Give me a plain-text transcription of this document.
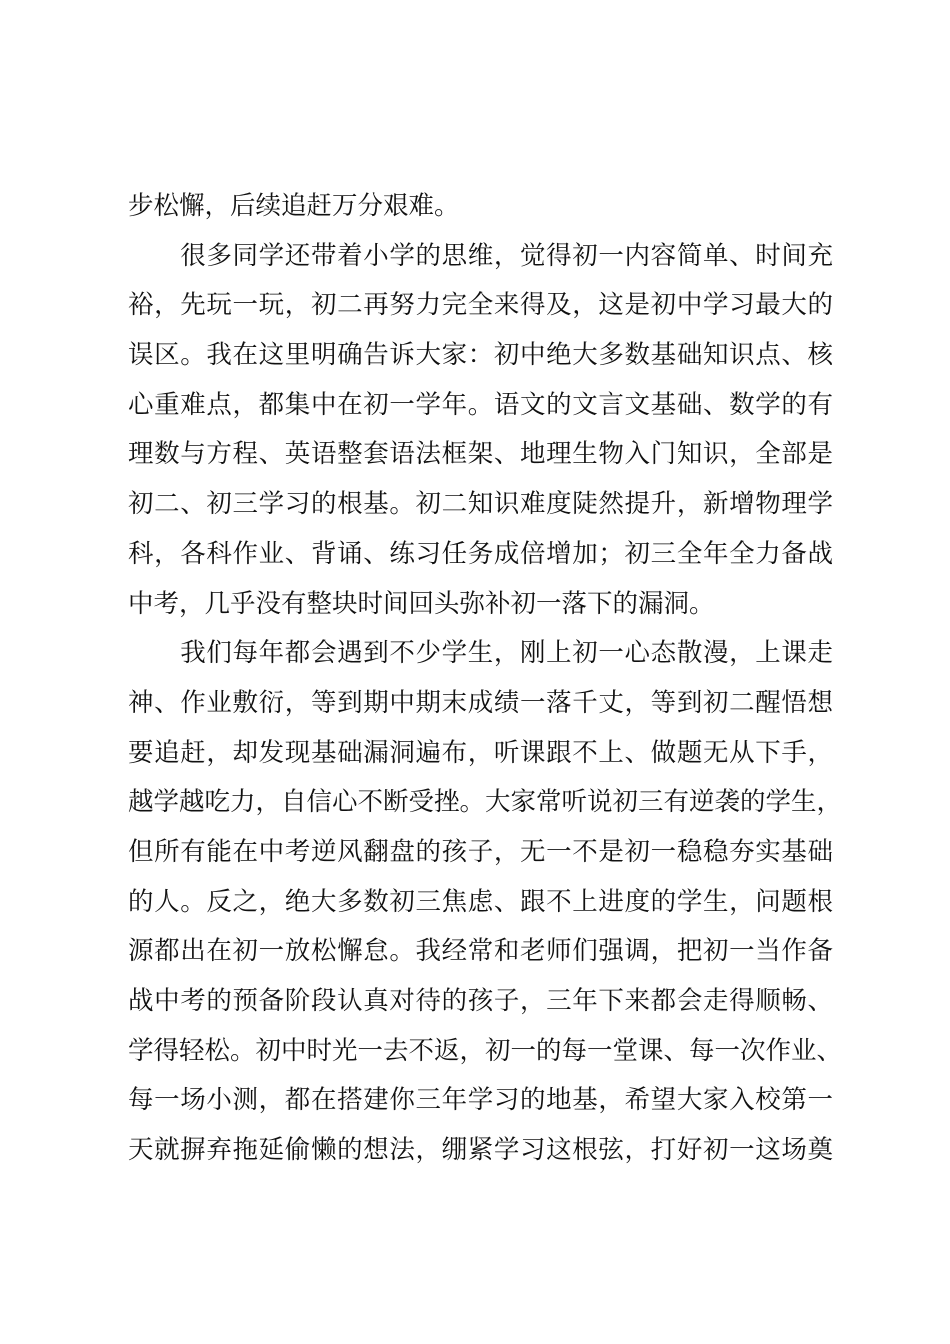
步松懈，后续追赶万分艰难。
　　很多同学还带着小学的思维，觉得初一内容简单、时间充
裕，先玩一玩，初二再努力完全来得及，这是初中学习最大的
误区。我在这里明确告诉大家：初中绝大多数基础知识点、核
心重难点，都集中在初一学年。语文的文言文基础、数学的有
理数与方程、英语整套语法框架、地理生物入门知识，全部是
初二、初三学习的根基。初二知识难度陡然提升，新增物理学
科，各科作业、背诵、练习任务成倍增加；初三全年全力备战
中考，几乎没有整块时间回头弥补初一落下的漏洞。
　　我们每年都会遇到不少学生，刚上初一心态散漫，上课走
神、作业敷衍，等到期中期末成绩一落千丈，等到初二醒悟想
要追赶，却发现基础漏洞遍布，听课跟不上、做题无从下手，
越学越吃力，自信心不断受挫。大家常听说初三有逆袭的学生，
但所有能在中考逆风翻盘的孩子，无一不是初一稳稳夯实基础
的人。反之，绝大多数初三焦虑、跟不上进度的学生，问题根
源都出在初一放松懈怠。我经常和老师们强调，把初一当作备
战中考的预备阶段认真对待的孩子，三年下来都会走得顺畅、
学得轻松。初中时光一去不返，初一的每一堂课、每一次作业、
每一场小测，都在搭建你三年学习的地基，希望大家入校第一
天就摒弃拖延偷懒的想法，绷紧学习这根弦，打好初一这场奠
